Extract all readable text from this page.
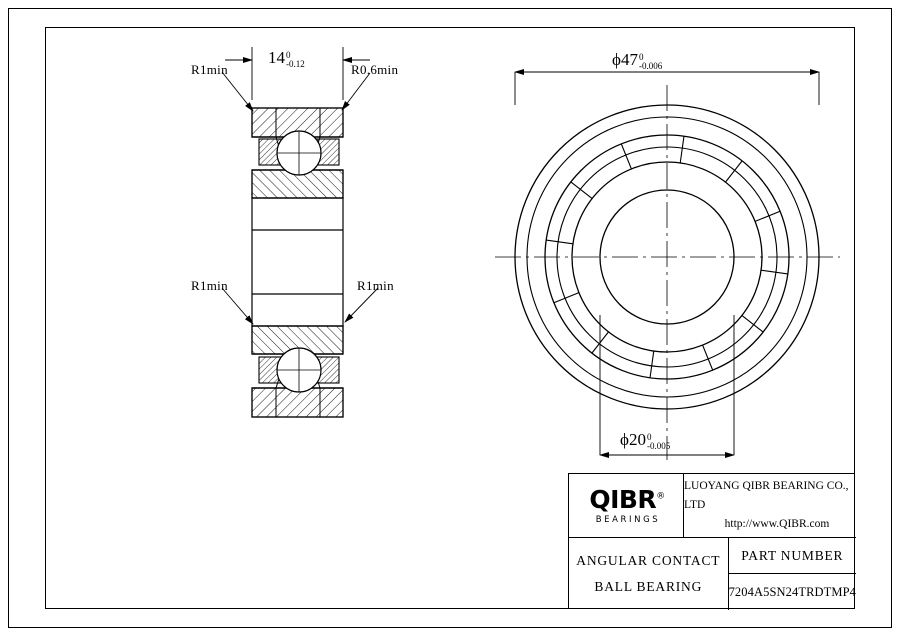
R1min	R0.6min
R1min	R1min
14 0
-0.12	ϕ47 0
-0.006
ϕ20 0
-0.005
QIBR®
BEARINGS
LUOYANG QIBR BEARING CO., LTD
http://www.QIBR.com
ANGULAR CONTACT
BALL BEARING
PART NUMBER
7204A5SN24TRDTMP4
